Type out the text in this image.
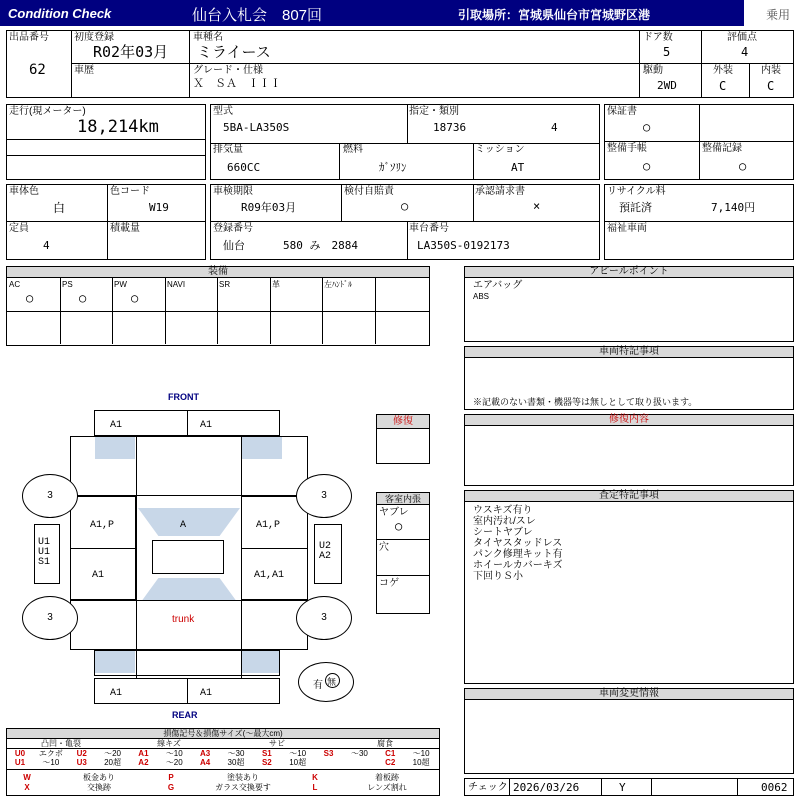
Condition Check	仙台入札会　807回	引取場所：宮城県仙台市宮城野区港	乗用
出品番号
62
初度登録
R02年03月
車種名
ミライース
ドア数
5
評価点
4
車歴	グレード・仕様
Ｘ　ＳＡ　ＩＩＩ
駆動
2WD
外装
C
内装
C
走行(現メーター)
18,214km
型式
5BA-LA350S
指定・類別
18736	4
排気量
660CC
燃料
ｶﾞｿﾘﾝ
ミッション
AT
保証書
○
整備手帳
○
整備記録
○
車体色
白
色コード
W19
定員
4
積載量
車検期限
R09年03月
検付自賠責
○
承認請求書
×
登録番号
仙台	580 み　2884
車台番号
LA350S-0192173
リサイクル料
預託済	7,140円
福祉車両
装備
AC
○
PS
○
PW
○
NAVI	SR	革	左ﾊﾝﾄﾞﾙ
アピールポイント
エアバッグ
ABS
車両特記事項
※記載のない書類・機器等は無しとして取り扱います。
修復内容
査定特記事項
ウスキズ有り
室内汚れ/スレ
シートヤブレ
タイヤスタッドレス
パンク修理キット有
ホイールカバーキズ
下回りＳ小
車両変更情報
チェック 2026/03/26	Y	0062
修復
客室内張
ヤブレ
○
穴
コゲ
FRONT
REAR
A1	A1
A
A1,P	A1,P
A1	A1,A1
trunk
A1	A1
3	3
3	3
U1
U1
S1
U2
A2
有 無
損傷記号＆損傷サイズ(～最大cm)
凸凹・亀裂	線キズ	サビ	腐食
U0	エクボ	U2	～20	A1	～10	A3	～30	S1	～10	S3	～30	C1	～10
U1	～10	U3	20超	A2	～20	A4	30超	S2	10超	C2	10超
W	板金あり	P	塗装あり	K	着板跡
X	交換跡	G	ガラス交換要す	L	レンズ割れ
